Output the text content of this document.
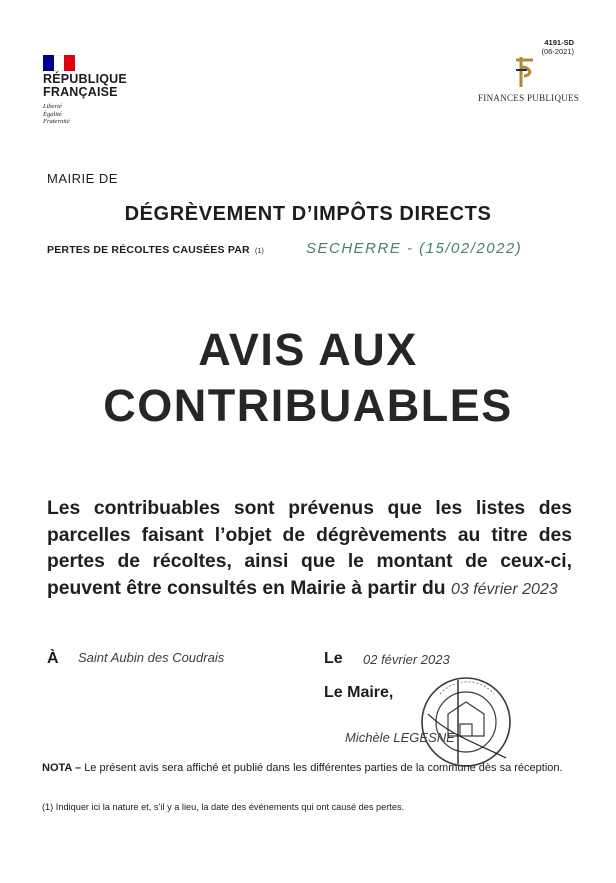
RÉPUBLIQUE
FRANÇAISE
Liberté
Égalité
Fraternité
4191-SD
(06-2021)
FINANCES PUBLIQUES
MAIRIE DE
DÉGRÈVEMENT D’IMPÔTS DIRECTS
PERTES DE RÉCOLTES CAUSÉES PAR (1)	SECHERRE - (15/02/2022)
AVIS AUX
CONTRIBUABLES
Les contribuables sont prévenus que les listes des parcelles faisant l’objet de dégrèvements au titre des pertes de récoltes, ainsi que le montant de ceux-ci, peuvent être consultés en Mairie à partir du 03 février 2023
À Saint Aubin des Coudrais	Le 02 février 2023
Le Maire,
Michèle LEGESNE
NOTA – Le présent avis sera affiché et publié dans les différentes parties de la commune dès sa réception.
(1) Indiquer ici la nature et, s’il y a lieu, la date des événements qui ont causé des pertes.
